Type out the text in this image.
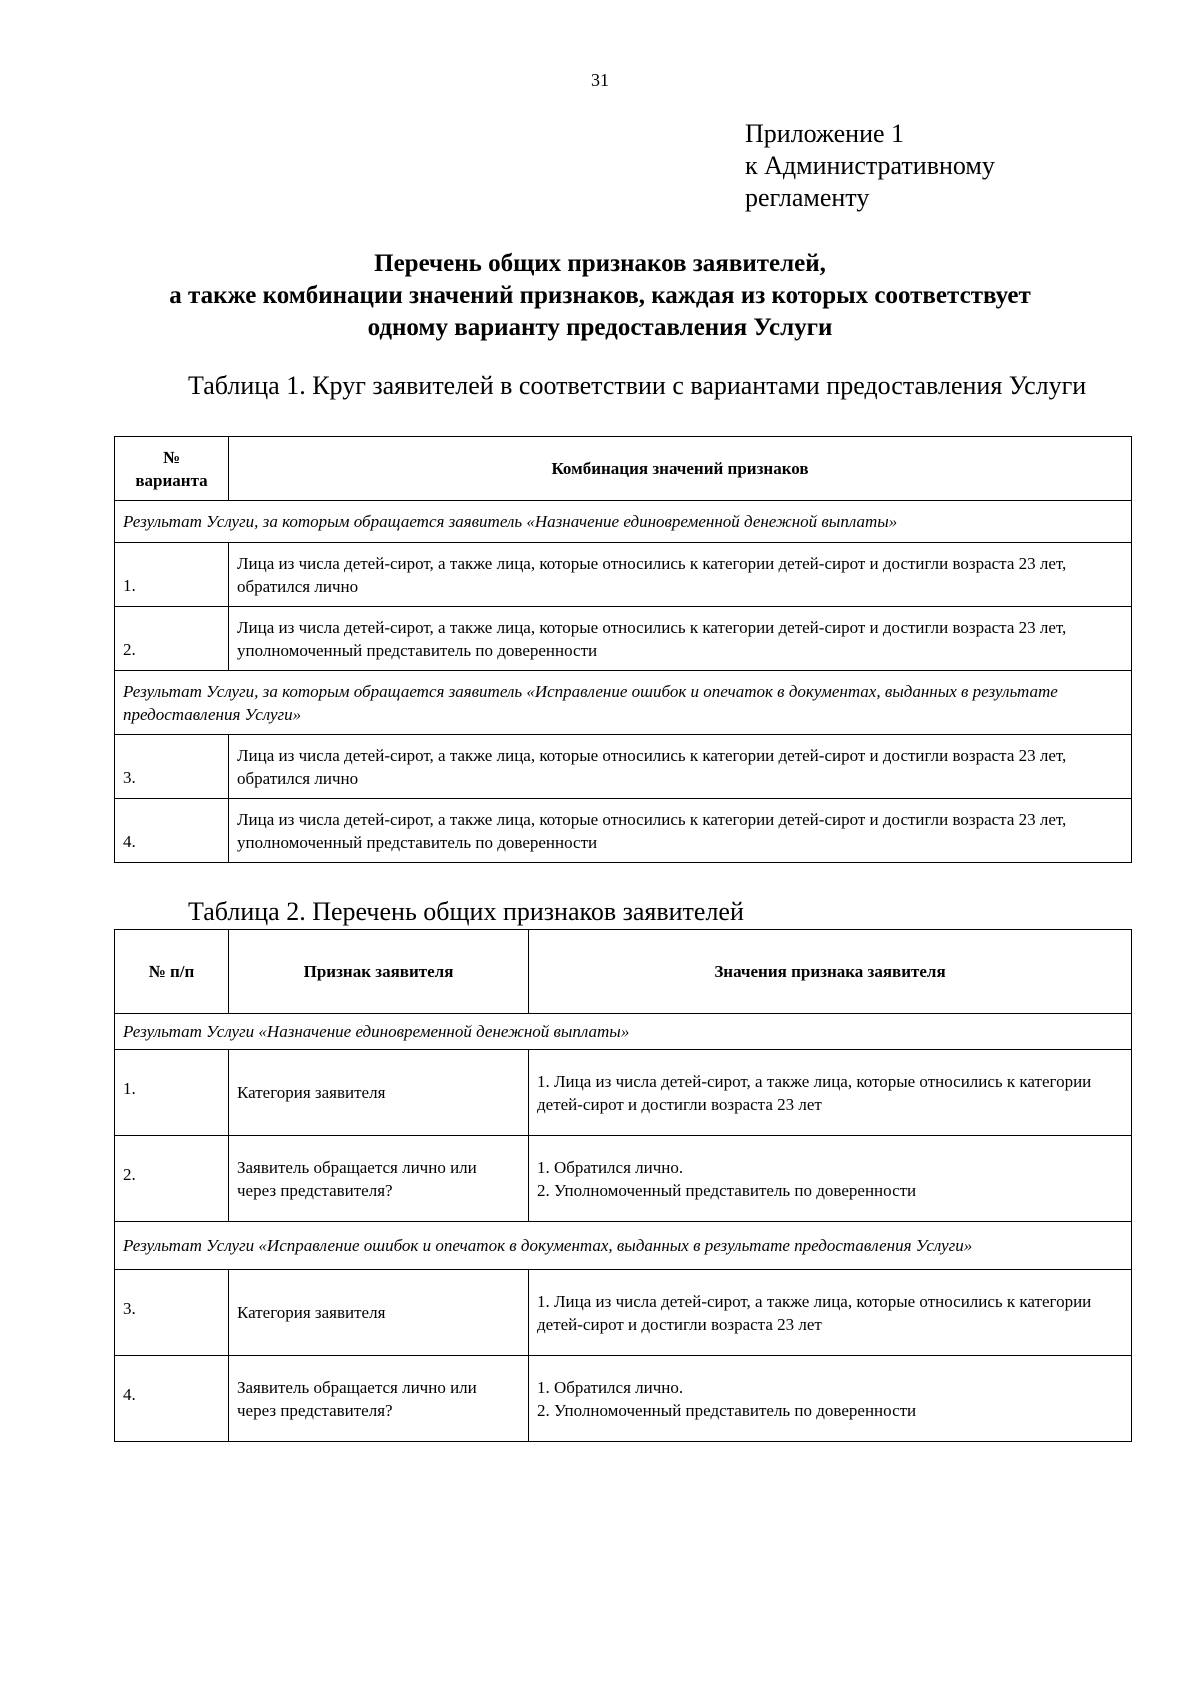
31
Приложение 1
к Административному
регламенту
Перечень общих признаков заявителей,
а также комбинации значений признаков, каждая из которых соответствует
одному варианту предоставления Услуги
Таблица 1. Круг заявителей в соответствии с вариантами предоставления Услуги
№
варианта	Комбинация значений признаков
Результат Услуги, за которым обращается заявитель «Назначение единовременной денежной выплаты»	
1.	Лица из числа детей-сирот, а также лица, которые относились к категории детей-сирот и достигли возраста 23 лет, обратился лично
2.	Лица из числа детей-сирот, а также лица, которые относились к категории детей-сирот и достигли возраста 23 лет, уполномоченный представитель по доверенности
Результат Услуги, за которым обращается заявитель «Исправление ошибок и опечаток в документах, выданных в результате предоставления Услуги»	
3.	Лица из числа детей-сирот, а также лица, которые относились к категории детей-сирот и достигли возраста 23 лет, обратился лично
4.	Лица из числа детей-сирот, а также лица, которые относились к категории детей-сирот и достигли возраста 23 лет, уполномоченный представитель по доверенности
Таблица 2. Перечень общих признаков заявителей
№ п/п	Признак заявителя	Значения признака заявителя
Результат Услуги «Назначение единовременной денежной выплаты»		
1.	Категория заявителя	1. Лица из числа детей-сирот, а также лица, которые относились к категории детей-сирот и достигли возраста 23 лет

2.	Заявитель обращается лично или через представителя?	1. Обратился лично.
2. Уполномоченный представитель по доверенности

Результат Услуги «Исправление ошибок и опечаток в документах, выданных в результате предоставления Услуги»		
3.	Категория заявителя	1. Лица из числа детей-сирот, а также лица, которые относились к категории детей-сирот и достигли возраста 23 лет

4.	Заявитель обращается лично или через представителя?	1. Обратился лично.
2. Уполномоченный представитель по доверенности
